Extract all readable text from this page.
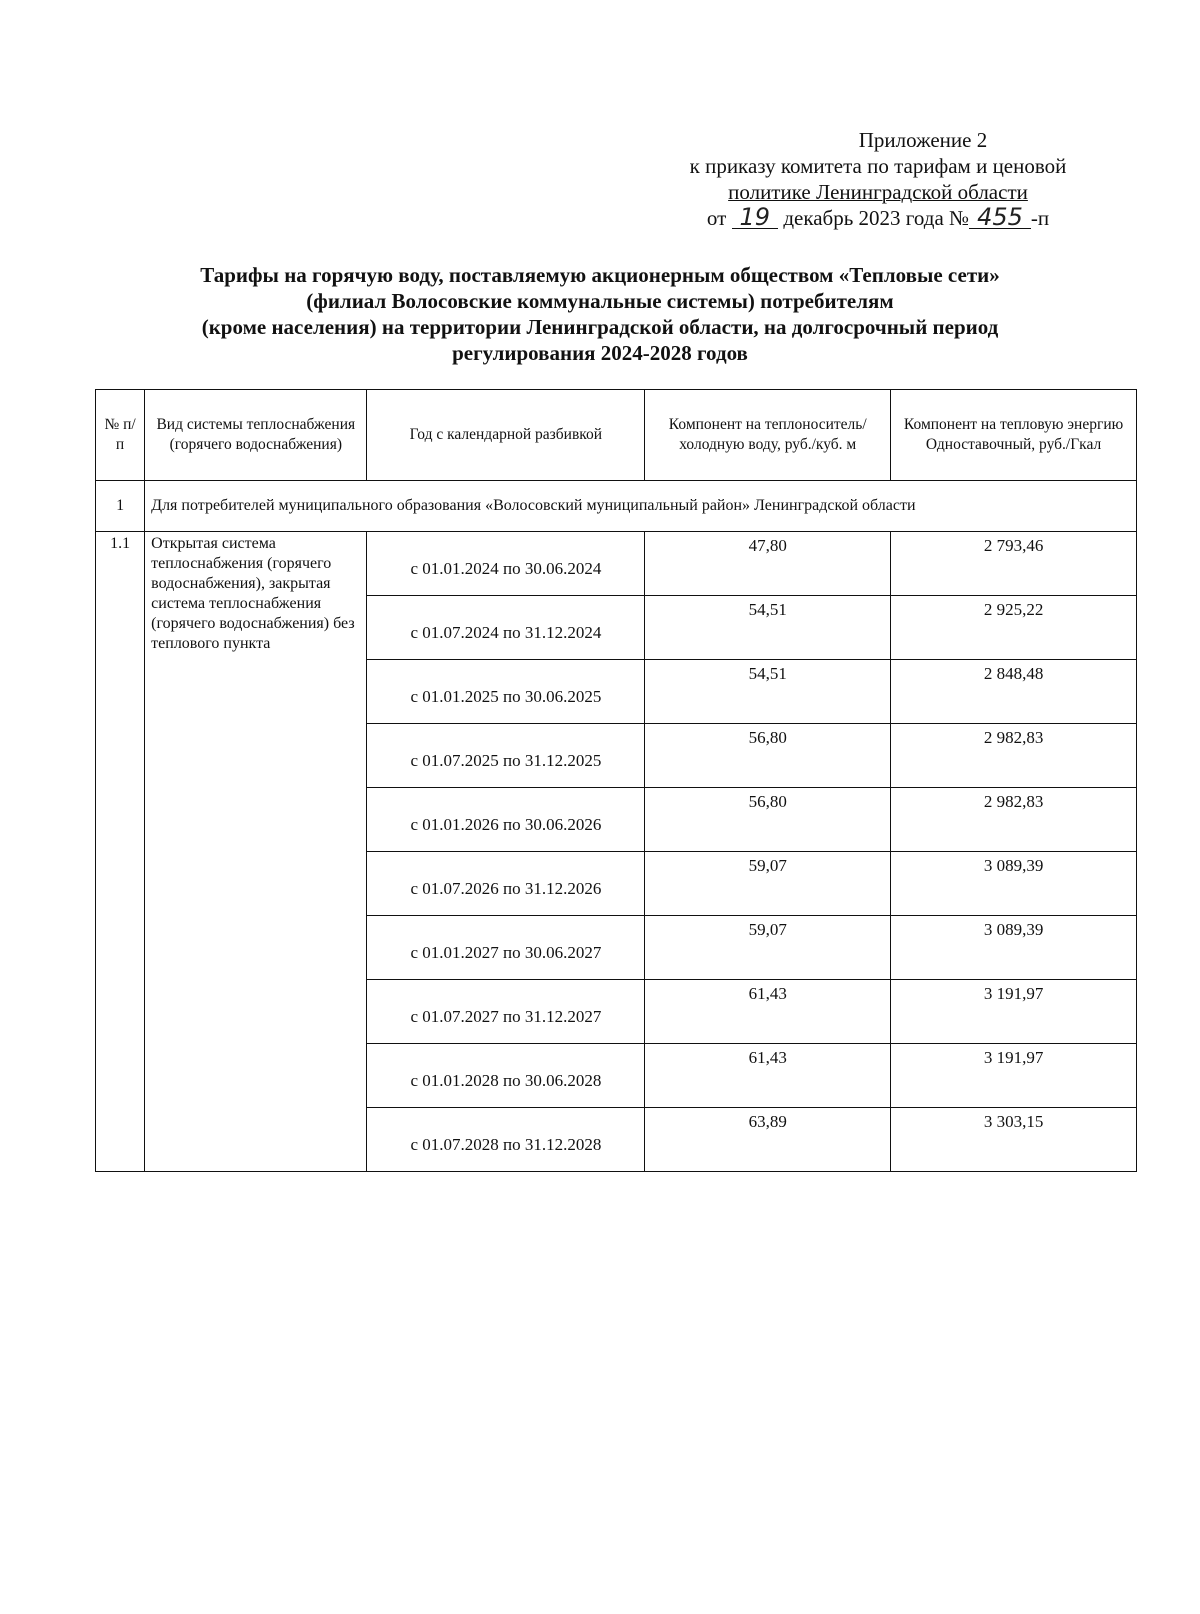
Приложение 2
к приказу комитета по тарифам и ценовой
политике Ленинградской области
от 19 декабрь 2023 года № 455 -п
Тарифы на горячую воду, поставляемую акционерным обществом «Тепловые сети»
(филиал Волосовские коммунальные системы) потребителям
(кроме населения) на территории Ленинградской области, на долгосрочный период
регулирования 2024-2028 годов
№ п/п	Вид системы теплоснабжения (горячего водоснабжения)	Год с календарной разбивкой	Компонент на теплоноситель/холодную воду, руб./куб. м	Компонент на тепловую энергию Одноставочный, руб./Гкал
1	Для потребителей муниципального образования «Волосовский муниципальный район» Ленинградской области			
1.1	Открытая система теплоснабжения (горячего водоснабжения), закрытая система теплоснабжения (горячего водоснабжения) без теплового пункта	с 01.01.2024 по 30.06.2024	47,80	2 793,46
		с 01.07.2024 по 31.12.2024	54,51	2 925,22
		с 01.01.2025 по 30.06.2025	54,51	2 848,48
		с 01.07.2025 по 31.12.2025	56,80	2 982,83
		с 01.01.2026 по 30.06.2026	56,80	2 982,83
		с 01.07.2026 по 31.12.2026	59,07	3 089,39
		с 01.01.2027 по 30.06.2027	59,07	3 089,39
		с 01.07.2027 по 31.12.2027	61,43	3 191,97
		с 01.01.2028 по 30.06.2028	61,43	3 191,97
		с 01.07.2028 по 31.12.2028	63,89	3 303,15
